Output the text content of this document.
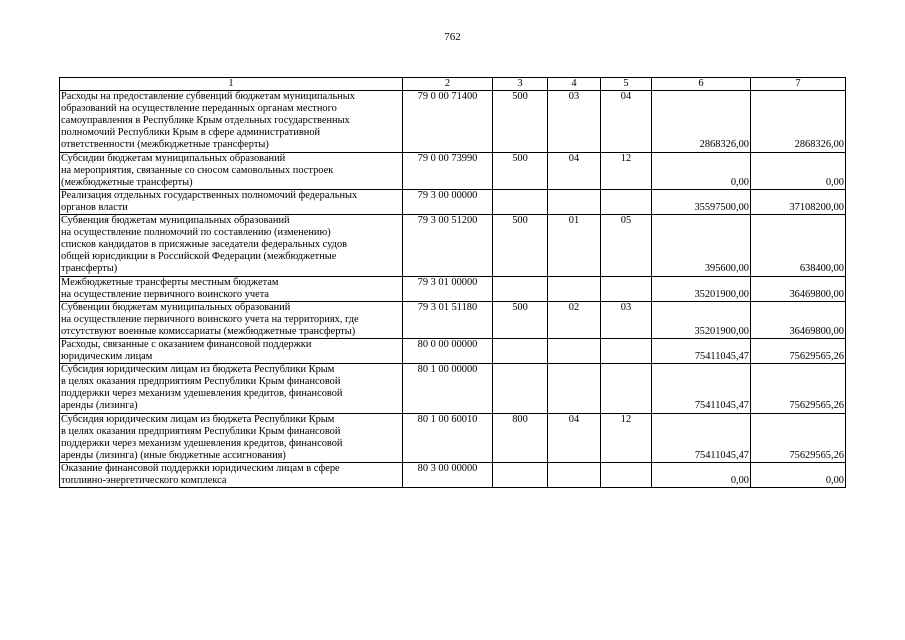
762
1	2	3	4	5	6	7

Расходы на предоставление субвенций бюджетам муниципальных
образований на осуществление переданных органам местного
самоуправления в Республике Крым отдельных государственных
полномочий Республики Крым в сфере административной
ответственности (межбюджетные трансферты)	79 0 00 71400	500	03	04	2868326,00	2868326,00

Субсидии бюджетам муниципальных образований
на мероприятия, связанные со сносом самовольных построек
(межбюджетные трансферты)	79 0 00 73990	500	04	12	0,00	0,00

Реализация отдельных государственных полномочий федеральных
органов власти	79 3 00 00000				35597500,00	37108200,00

Субвенция бюджетам муниципальных образований
на осуществление полномочий по составлению (изменению)
списков кандидатов в присяжные заседатели федеральных судов
общей юрисдикции в Российской Федерации (межбюджетные
трансферты)	79 3 00 51200	500	01	05	395600,00	638400,00

Межбюджетные трансферты местным бюджетам
на осуществление первичного воинского учета	79 3 01 00000				35201900,00	36469800,00

Субвенции бюджетам муниципальных образований
на осуществление первичного воинского учета на территориях, где
отсутствуют военные комиссариаты (межбюджетные трансферты)	79 3 01 51180	500	02	03	35201900,00	36469800,00

Расходы, связанные с оказанием финансовой поддержки
юридическим лицам	80 0 00 00000				75411045,47	75629565,26

Субсидия юридическим лицам из бюджета Республики Крым
в целях оказания предприятиям Республики Крым финансовой
поддержки через механизм удешевления кредитов, финансовой
аренды (лизинга)	80 1 00 00000				75411045,47	75629565,26

Субсидия юридическим лицам из бюджета Республики Крым
в целях оказания предприятиям Республики Крым финансовой
поддержки через механизм удешевления кредитов, финансовой
аренды (лизинга) (иные бюджетные ассигнования)	80 1 00 60010	800	04	12	75411045,47	75629565,26

Оказание финансовой поддержки юридическим лицам в сфере
топливно-энергетического комплекса	80 3 00 00000				0,00	0,00
